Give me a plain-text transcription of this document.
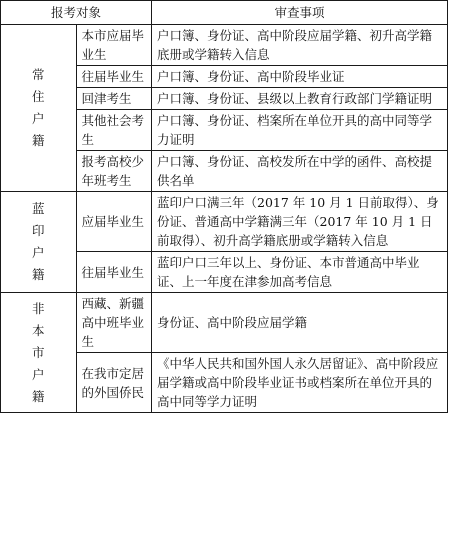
报考对象		审查事项

常住户籍	本市应届毕业生	户口簿、身份证、高中阶段应届学籍、初升高学籍底册或学籍转入信息
	往届毕业生	户口簿、身份证、高中阶段毕业证
	回津考生	户口簿、身份证、县级以上教育行政部门学籍证明
	其他社会考生	户口簿、身份证、档案所在单位开具的高中同等学力证明
	报考高校少年班考生	户口簿、身份证、高校发所在中学的函件、高校提供名单

蓝印户籍	应届毕业生	蓝印户口满三年（2017 年 10 月 1 日前取得）、身份证、普通高中学籍满三年（2017 年 10 月 1 日前取得）、初升高学籍底册或学籍转入信息
	往届毕业生	蓝印户口三年以上、身份证、本市普通高中毕业证、上一年度在津参加高考信息

非本市户籍	西藏、新疆高中班毕业生	身份证、高中阶段应届学籍
	在我市定居的外国侨民	《中华人民共和国外国人永久居留证》、高中阶段应届学籍或高中阶段毕业证书或档案所在单位开具的高中同等学力证明
